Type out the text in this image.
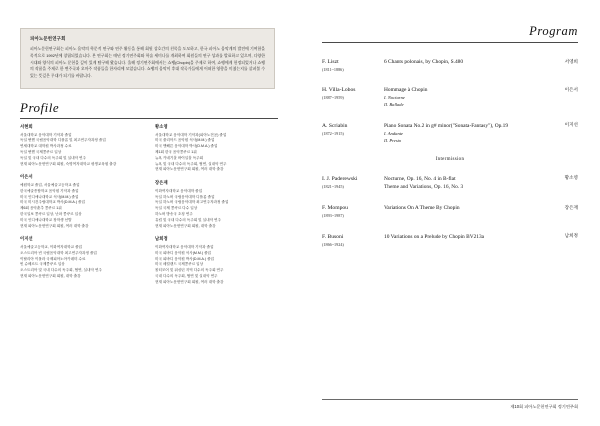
피아노문헌연구회
피아노문헌연구회는 피아노 음악의 학문적 연구와 연주 활동을 통해 회원 상호간의 친목을 도모하고, 한국 피아노 음악계의 발전에 기여함을 목적으로 1992년에 창립되었습니다. 본 연구회는 매년 정기연주회와 학술 세미나를 개최하여 회원들의 연구 성과를 발표하고 있으며, 다양한 시대와 양식의 피아노 문헌을 깊이 있게 탐구해 왔습니다. 올해 정기연주회에서는 쇼팽(Chopin)을 주제로 하여, 쇼팽에게 헌정되었거나 쇼팽의 작품을 주제로 한 변주곡과 오마주 작품들을 한자리에 모았습니다. 쇼팽의 음악이 후대 작곡가들에게 어떠한 영향을 미쳤는지를 살펴볼 수 있는 뜻깊은 무대가 되기를 바랍니다.
Profile
서현희
서울대학교 음악대학 기악과 졸업
독일 뮌헨 국립음악대학 디플롬 및 최고연주자과정 졸업
연세대학교 대학원 박사과정 수료
독일 뮌헨 국제콩쿠르 입상
독일 및 국내 다수의 독주회 및 실내악 연주
현재 피아노문헌연구회 회원, 숙명여자대학교 평생교육원 출강
이은서
예원학교 졸업, 서울예술고등학교 졸업
한국예술종합학교 음악원 기악과 졸업
미국 인디애나대학교 석사(M.M.) 졸업
미국 미시건주립대학교 박사(D.M.A.) 졸업
제6회 음악춘추 콩쿠르 1위
한국일보 콩쿠르 입상, 난파 콩쿠르 입상
미국 인디애나대학교 장학생 선발
현재 피아노문헌연구회 회원, 여러 대학 출강
이지선
서울예술고등학교, 이화여자대학교 졸업
오스트리아 빈 국립음악대학 최고연주자과정 졸업
이탈리아 이몰라 국제피아노아카데미 수료
빈 슈베르트 국제콩쿠르 입상
오스트리아 및 국내 다수의 독주회, 협연, 실내악 연주
현재 피아노문헌연구회 회원, 대학 출강
황소영
서울대학교 음악대학 기악과(피아노전공) 졸업
미국 줄리아드 음악원 석사(M.M.) 졸업
미국 맨해튼 음악대학 박사(D.M.A.) 졸업
제1회 한국 음악콩쿠르 1위
뉴욕 카네기홀 바이일홀 독주회
뉴욕 및 국내 다수의 독주회, 협연, 실내악 연주
현재 피아노문헌연구회 회원, 여러 대학 출강
장은재
이화여자대학교 음악대학 졸업
독일 하노버 국립음악대학 디플롬 졸업
독일 하노버 국립음악대학 최고연주자과정 졸업
독일 국제 콩쿠르 다수 입상
하노버 방송국 초청 연주
유럽 및 국내 다수의 독주회 및 실내악 연주
현재 피아노문헌연구회 회원, 대학 출강
남희정
이화여자대학교 음악대학 기악과 졸업
미국 피바디 음악원 석사(M.M.) 졸업
미국 피바디 음악원 박사(D.M.A.) 졸업
미국 메릴랜드 국제콩쿠르 입상
볼티모어 및 워싱턴 지역 다수의 독주회 연주
국내 다수의 독주회, 협연 및 실내악 연주
현재 피아노문헌연구회 회원, 여러 대학 출강
Program
F. Liszt
(1811~1886)
6 Chants polonais, by Chopin, S.480	서영희
H. Villa-Lobos
(1887~1959)
Hommage à Chopin
I. Nocturne
II. Ballade
이은서
A. Scriabin
(1872~1915)
Piano Sonata No.2 in g# minor("Sonata-Fantasy"), Op.19
I. Andante
II. Presto
이지선
Intermission
I. J. Paderewski
(1821~1945)
Nocturne, Op. 16, No. 4 in B-flat
Theme and Variations, Op. 16, No. 3
황소영
F. Mompou
(1893~1987)
Variations On A Theme By Chopin	장은재
F. Busoni
(1866~1924)
10 Variations on a Prelude by Chopin BV213a	남희정
제10회 피아노문헌연구회 정기연주회
